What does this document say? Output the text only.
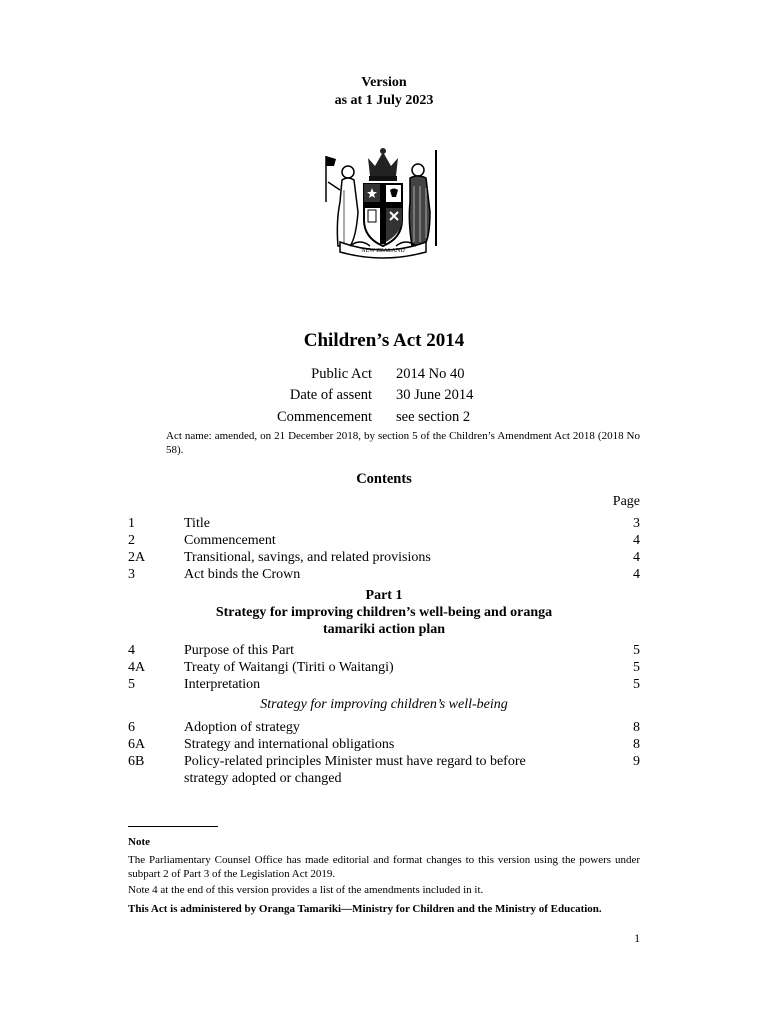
Version
as at 1 July 2023
NEW ZEALAND
Children’s Act 2014
Public Act 2014 No 40
Date of assent 30 June 2014
Commencement see section 2
Act name: amended, on 21 December 2018, by section 5 of the Children’s Amendment Act 2018 (2018 No 58).
Contents
Page
1	Title	3
2	Commencement	4
2A	Transitional, savings, and related provisions	4
3	Act binds the Crown	4
Part 1
Strategy for improving children’s well-being and oranga
tamariki action plan
4	Purpose of this Part	5
4A	Treaty of Waitangi (Tiriti o Waitangi)	5
5	Interpretation	5
Strategy for improving children’s well-being
6	Adoption of strategy	8
6A	Strategy and international obligations	8
6B	Policy-related principles Minister must have regard to before	9
strategy adopted or changed
Note
The Parliamentary Counsel Office has made editorial and format changes to this version using the powers under subpart 2 of Part 3 of the Legislation Act 2019.
Note 4 at the end of this version provides a list of the amendments included in it.
This Act is administered by Oranga Tamariki—Ministry for Children and the Ministry of Education.
1
